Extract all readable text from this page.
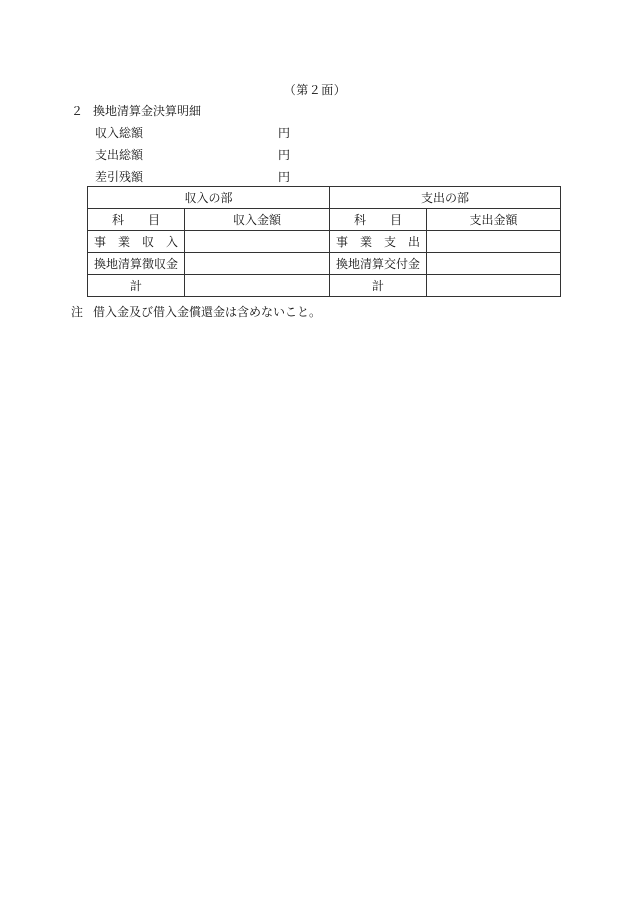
（第２面）
２ 換地清算金決算明細
収入総額	円
支出総額	円
差引残額	円
収入の部		支出の部	
科　　目	収入金額	科　　目	支出金額
事　業　収　入		事　業　支　出	
換地清算徴収金		換地清算交付金	
計		計	
注 借入金及び借入金償還金は含めないこと。
